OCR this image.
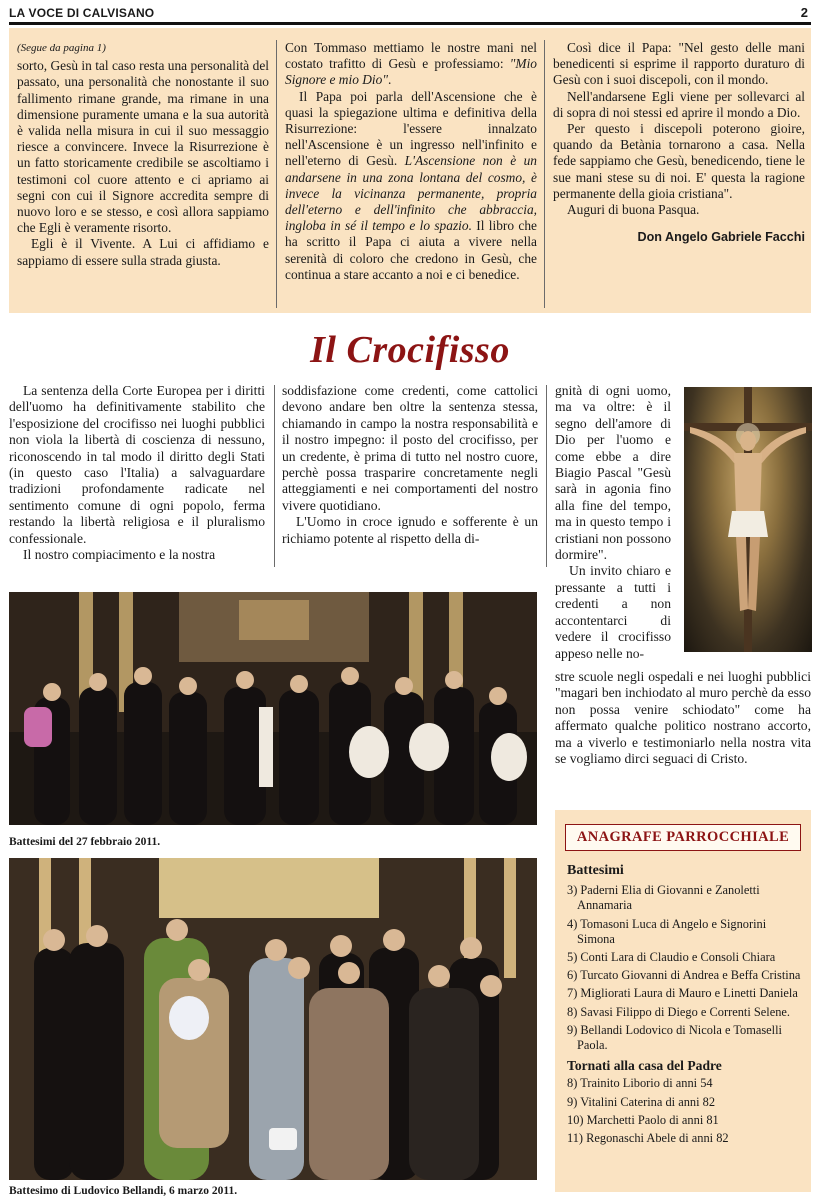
LA VOCE DI CALVISANO	2

(Segue da pagina 1)

sorto, Gesù in tal caso resta una personalità del passato, una personalità che nonostante il suo fallimento rimane grande, ma rimane in una dimensione puramente umana e la sua autorità è valida nella misura in cui il suo messaggio riesce a convincere. Invece la Risurrezione è un fatto storicamente credibile se ascoltiamo i testimoni col cuore attento e ci apriamo ai segni con cui il Signore accredita sempre di nuovo loro e se stesso, e così allora sappiamo che Egli è veramente risorto.

Egli è il Vivente. A Lui ci affidiamo e sappiamo di essere sulla strada giusta.

Con Tommaso mettiamo le nostre mani nel costato trafitto di Gesù e professiamo: "Mio Signore e mio Dio".

Il Papa poi parla dell'Ascensione che è quasi la spiegazione ultima e definitiva della Risurrezione: l'essere innalzato nell'Ascensione è un ingresso nell'infinito e nell'eterno di Gesù. L'Ascensione non è un andarsene in una zona lontana del cosmo, è invece la vicinanza permanente, propria dell'eterno e dell'infinito che abbraccia, ingloba in sé il tempo e lo spazio. Il libro che ha scritto il Papa ci aiuta a vivere nella serenità di coloro che credono in Gesù, che continua a stare accanto a noi e ci benedice.

Così dice il Papa: "Nel gesto delle mani benedicenti si esprime il rapporto duraturo di Gesù con i suoi discepoli, con il mondo.

Nell'andarsene Egli viene per sollevarci al di sopra di noi stessi ed aprire il mondo a Dio.

Per questo i discepoli poterono gioire, quando da Betània tornarono a casa. Nella fede sappiamo che Gesù, benedicendo, tiene le sue mani stese su di noi. E' questa la ragione permanente della gioia cristiana".

Auguri di buona Pasqua.

Don Angelo Gabriele Facchi

Il Crocifisso

La sentenza della Corte Europea per i diritti dell'uomo ha definitivamente stabilito che l'esposizione del crocifisso nei luoghi pubblici non viola la libertà di coscienza di nessuno, riconoscendo in tal modo il diritto degli Stati (in questo caso l'Italia) a salvaguardare tradizioni profondamente radicate nel sentimento comune di ogni popolo, ferma restando la libertà religiosa e il pluralismo confessionale.

Il nostro compiacimento e la nostra

soddisfazione come credenti, come cattolici devono andare ben oltre la sentenza stessa, chiamando in campo la nostra responsabilità e il nostro impegno: il posto del crocifisso, per un credente, è prima di tutto nel nostro cuore, perchè possa trasparire concretamente negli atteggiamenti e nei comportamenti del nostro vivere quotidiano.

L'Uomo in croce ignudo e sofferente è un richiamo potente al rispetto della di-

gnità di ogni uomo, ma va oltre: è il segno dell'amore di Dio per l'uomo e come ebbe a dire Biagio Pascal "Gesù sarà in agonia fino alla fine del tempo, ma in questo tempo i cristiani non possono dormire".

Un invito chiaro e pressante a tutti i credenti a non accontentarci di vedere il crocifisso appeso nelle no-

stre scuole negli ospedali e nei luoghi pubblici "magari ben inchiodato al muro perchè da esso non possa venire schiodato" come ha affermato qualche politico nostrano accorto, ma a viverlo e testimoniarlo nella nostra vita se vogliamo dirci seguaci di Cristo.
Battesimi del 27 febbraio 2011.
Battesimo di Ludovico Bellandi, 6 marzo 2011.
ANAGRAFE PARROCCHIALE
Battesimi
3) Paderni Elia di Giovanni e Zanoletti Annamaria
4) Tomasoni Luca di Angelo e Signorini Simona
5) Conti Lara di Claudio e Consoli Chiara
6) Turcato Giovanni di Andrea e Beffa Cristina
7) Migliorati Laura di Mauro e Linetti Daniela
8) Savasi Filippo di Diego e Correnti Selene.
9) Bellandi Lodovico di Nicola e Tomaselli Paola.
Tornati alla casa del Padre
8) Trainito Liborio di anni 54
9) Vitalini Caterina di anni 82
10) Marchetti Paolo di anni 81
11) Regonaschi Abele di anni 82
